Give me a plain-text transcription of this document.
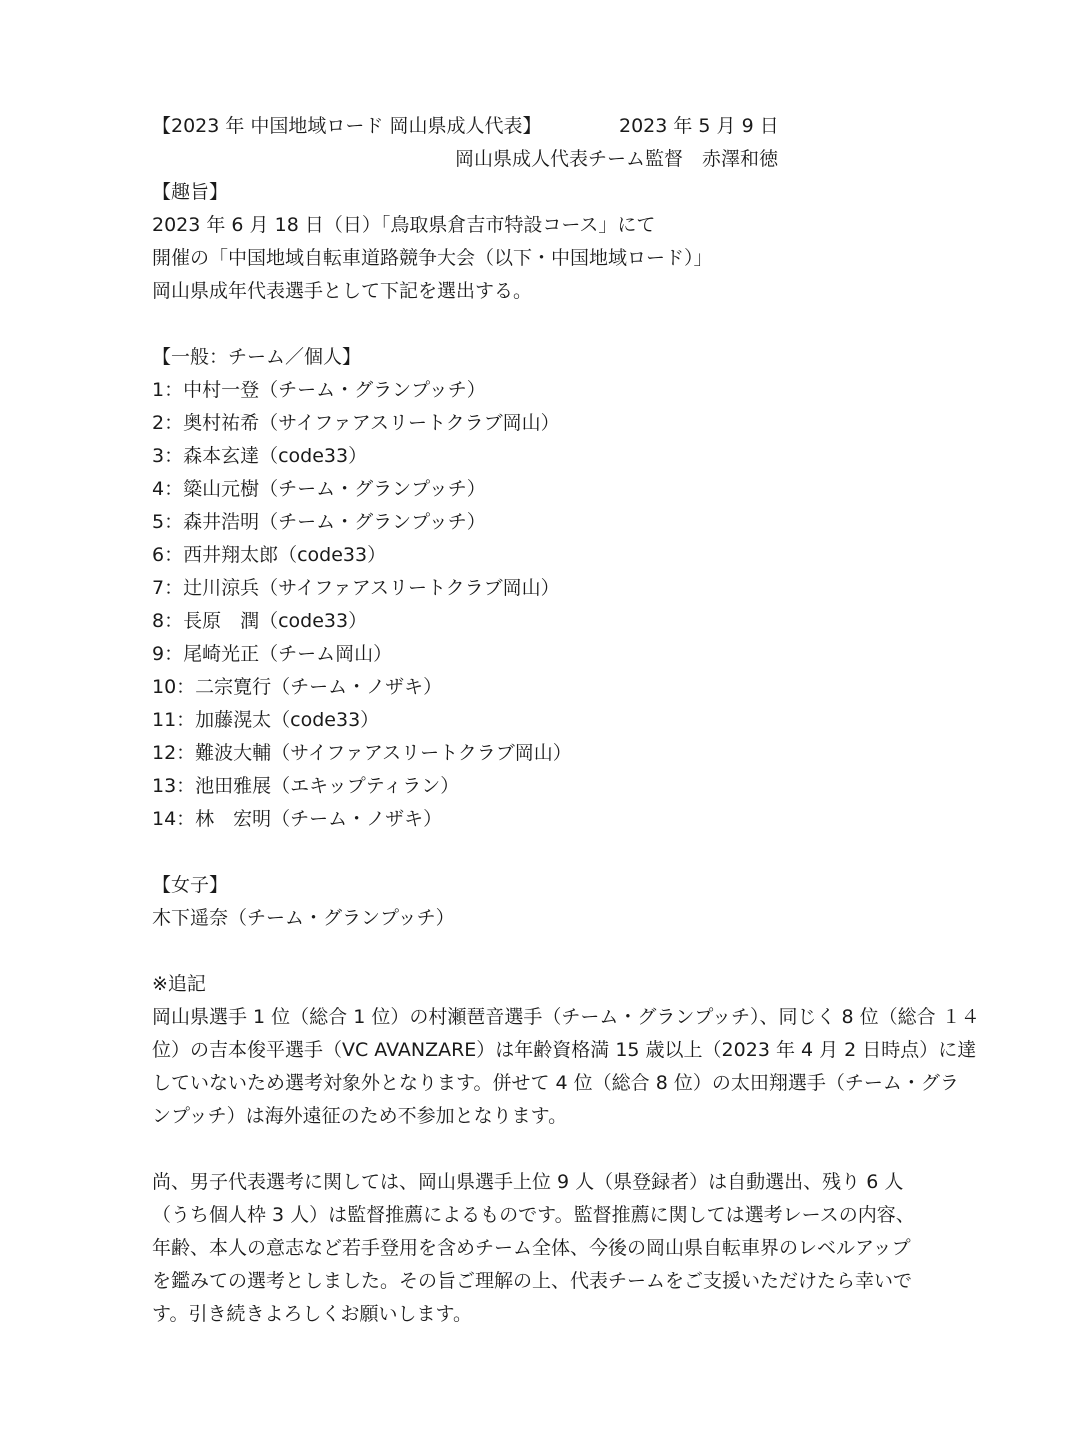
【2023 年 中国地域ロード 岡山県成人代表】	2023 年 5 月 9 日
岡山県成人代表チーム監督　赤澤和徳
【趣旨】
2023 年 6 月 18 日（日）「鳥取県倉吉市特設コース」にて
開催の「中国地域自転車道路競争大会（以下・中国地域ロード）」
岡山県成年代表選手として下記を選出する。
【一般：チーム／個人】
1：中村一登（チーム・グランプッチ）
2：奥村祐希（サイファアスリートクラブ岡山）
3：森本玄達（code33）
4：簗山元樹（チーム・グランプッチ）
5：森井浩明（チーム・グランプッチ）
6：西井翔太郎（code33）
7：辻川涼兵（サイファアスリートクラブ岡山）
8：長原　潤（code33）
9：尾崎光正（チーム岡山）
10：二宗寛行（チーム・ノザキ）
11：加藤滉太（code33）
12：難波大輔（サイファアスリートクラブ岡山）
13：池田雅展（エキップティラン）
14：林　宏明（チーム・ノザキ）
【女子】
木下遥奈（チーム・グランプッチ）
※追記
岡山県選手 1 位（総合 1 位）の村瀬琶音選手（チーム・グランプッチ）、同じく 8 位（総合 １４
位）の吉本俊平選手（VC AVANZARE）は年齢資格満 15 歳以上（2023 年 4 月 2 日時点）に達
していないため選考対象外となります。併せて 4 位（総合 8 位）の太田翔選手（チーム・グラ
ンプッチ）は海外遠征のため不参加となります。
尚、男子代表選考に関しては、岡山県選手上位 9 人（県登録者）は自動選出、残り 6 人
（うち個人枠 3 人）は監督推薦によるものです。監督推薦に関しては選考レースの内容、
年齢、本人の意志など若手登用を含めチーム全体、今後の岡山県自転車界のレベルアップ
を鑑みての選考としました。その旨ご理解の上、代表チームをご支援いただけたら幸いで
す。引き続きよろしくお願いします。
